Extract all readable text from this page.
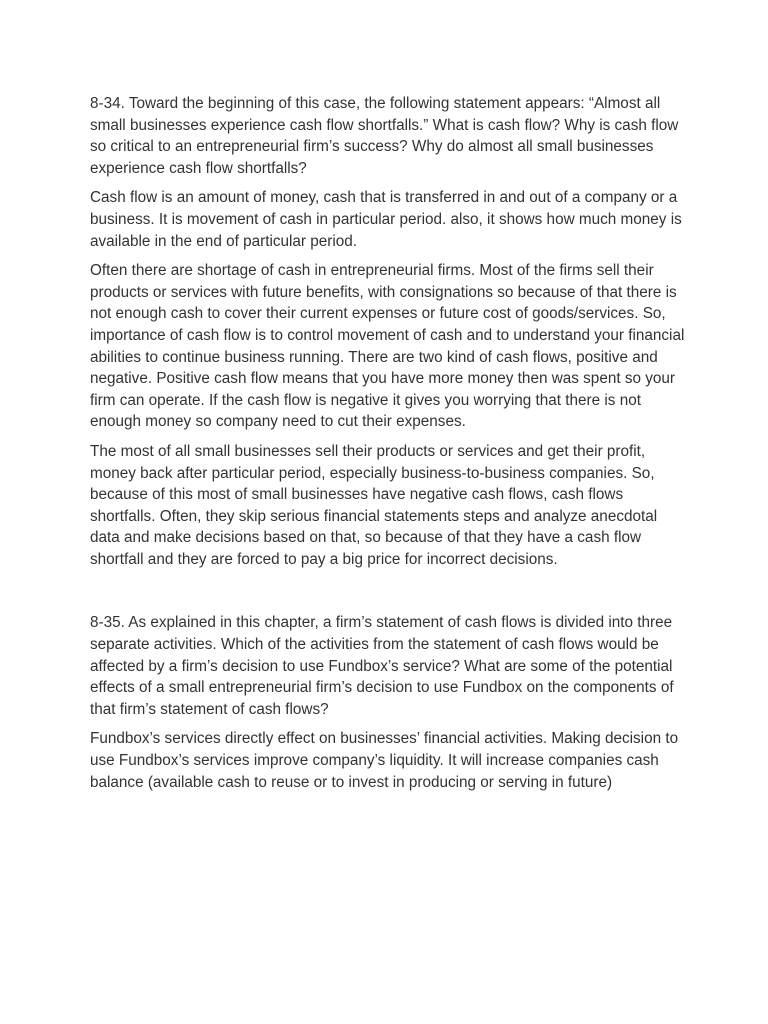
8-34. Toward the beginning of this case, the following statement appears: “Almost all small businesses experience cash flow shortfalls.” What is cash flow? Why is cash flow so critical to an entrepreneurial firm’s success? Why do almost all small businesses experience cash flow shortfalls?

Cash flow is an amount of money, cash that is transferred in and out of a company or a business. It is movement of cash in particular period. also, it shows how much money is available in the end of particular period.

Often there are shortage of cash in entrepreneurial firms. Most of the firms sell their products or services with future benefits, with consignations so because of that there is not enough cash to cover their current expenses or future cost of goods/services. So, importance of cash flow is to control movement of cash and to understand your financial abilities to continue business running. There are two kind of cash flows, positive and negative. Positive cash flow means that you have more money then was spent so your firm can operate. If the cash flow is negative it gives you worrying that there is not enough money so company need to cut their expenses.

The most of all small businesses sell their products or services and get their profit, money back after particular period, especially business-to-business companies. So, because of this most of small businesses have negative cash flows, cash flows shortfalls. Often, they skip serious financial statements steps and analyze anecdotal data and make decisions based on that, so because of that they have a cash flow shortfall and they are forced to pay a big price for incorrect decisions.

8-35. As explained in this chapter, a firm’s statement of cash flows is divided into three separate activities. Which of the activities from the statement of cash flows would be affected by a firm’s decision to use Fundbox’s service? What are some of the potential effects of a small entrepreneurial firm’s decision to use Fundbox on the components of that firm’s statement of cash flows?

Fundbox’s services directly effect on businesses’ financial activities. Making decision to use Fundbox’s services improve company’s liquidity. It will increase companies cash balance (available cash to reuse or to invest in producing or serving in future)
